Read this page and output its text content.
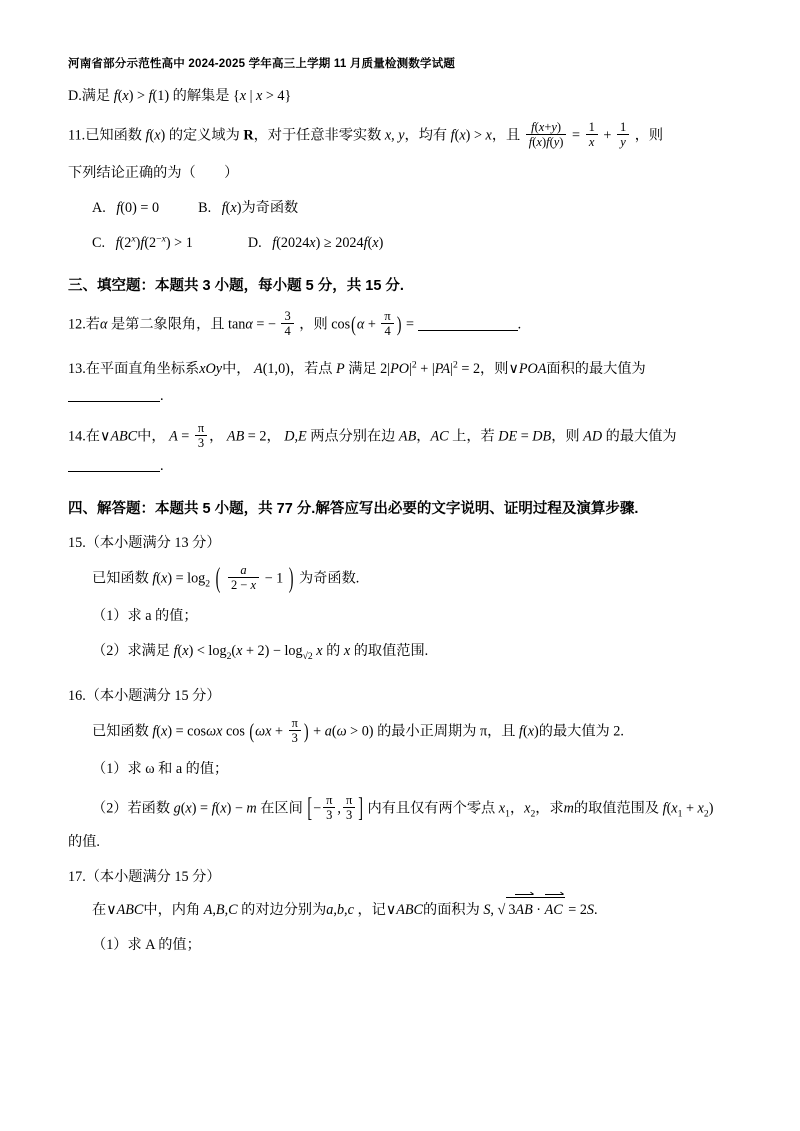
河南省部分示范性高中 2024-2025 学年高三上学期 11 月质量检测数学试题
D.满足 f(x) > f(1) 的解集是 {x | x > 4}
11.已知函数 f(x) 的定义域为 R，对于任意非零实数 x, y，均有 f(x) > x，且 $\frac{f(x+y)}{f(x)f(y)} = \frac{1}{x} + \frac{1}{y}$ ，则
下列结论正确的为（　　）
A. f(0) = 0	B. f(x)为奇函数
C. $f(2^x)f(2^{-x}) > 1$	D. f(2024x) ≥ 2024f(x)
三、填空题：本题共 3 小题，每小题 5 分，共 15 分.
12.若α 是第二象限角，且 tanα = − $\frac{3}{4}$ ，则 $\cos(\alpha + \frac{\pi}{4}$ ) =	.
13.在平面直角坐标系xOy中， A(1,0)，若点 P 满足 $2|PO|^2 + |PA|^2 = 2$，则∨POA面积的最大值为
.
14.在∨ABC中， $A = \frac{\pi}{3}$ ， AB = 2， D,E 两点分别在边 AB，AC 上，若 DE = DB，则 AD 的最大值为
.
四、解答题：本题共 5 小题，共 77 分.解答应写出必要的文字说明、证明过程及演算步骤.
15.（本小题满分 13 分）
已知函数 $f(x) = \log_2$ ( $\frac{a}{2 - x} - 1$ ) 为奇函数.
（1）求 a 的值；
（2）求满足 $f(x) < \log_2(x + 2) - \log_{√2} x$ 的 x 的取值范围.
16.（本小题满分 15 分）
已知函数 f(x) = cosωx $\cos (\omega x + \frac{\pi}{3}$ ) + a(ω > 0) 的最小正周期为 π，且 f(x)的最大值为 2.
（1）求 ω 和 a 的值；
（2）若函数 g(x) = f(x) − m 在区间 [− $\frac{\pi}{3}$ , $\frac{\pi}{3}$ ] 内有且仅有两个零点 $x_1$，$x_2$，求m的取值范围及 $f(x_1 + x_2)$
的值.
17.（本小题满分 15 分）
在∨ABC中，内角 A,B,C 的对边分别为a,b,c ，记∨ABC的面积为 S, √ 3AB · AC = 2S.
（1）求 A 的值；
